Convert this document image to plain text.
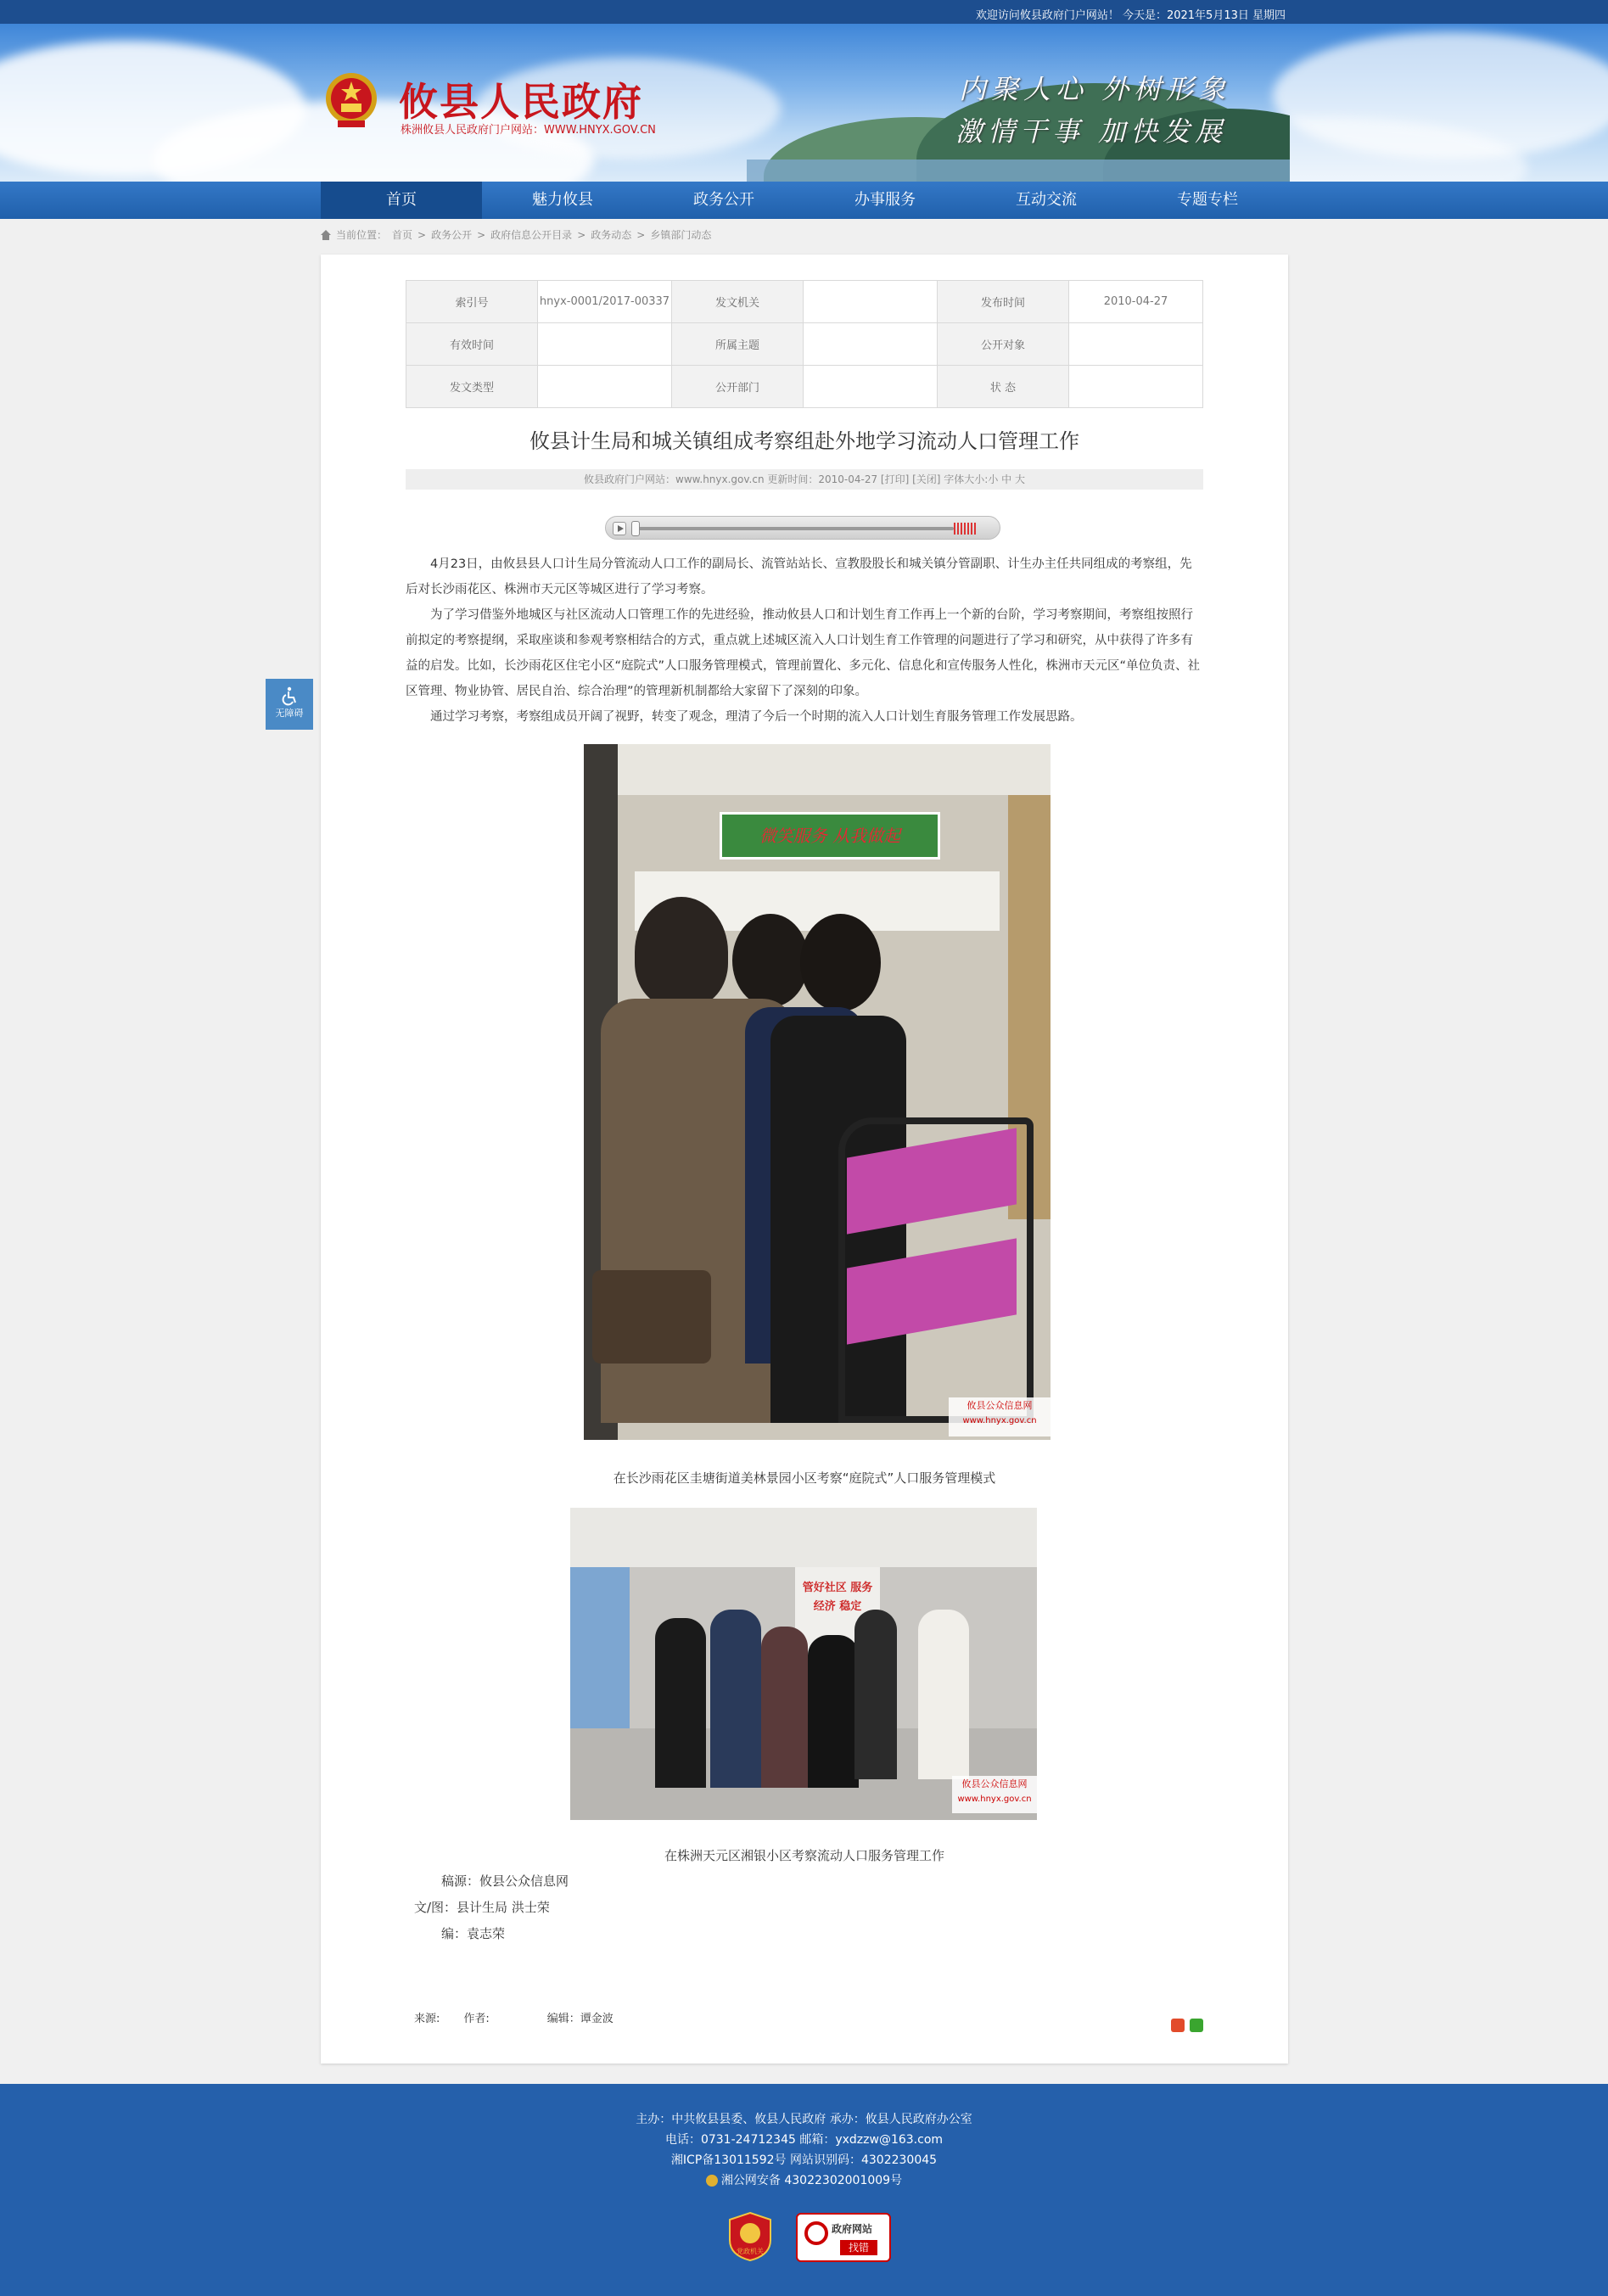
欢迎访问攸县政府门户网站！ 今天是：2021年5月13日 星期四
攸县人民政府
株洲攸县人民政府门户网站：WWW.HNYX.GOV.CN
内聚人心 外树形象
激情干事 加快发展
首页	魅力攸县	政务公开	办事服务	互动交流	专题专栏
当前位置： 首页 > 政务公开 > 政府信息公开目录 > 政务动态 > 乡镇部门动态
无障碍
索引号	hnyx-0001/2017-00337	发文机关		发布时间	2010-04-27
有效时间		所属主题		公开对象	
发文类型		公开部门		状 态	
攸县计生局和城关镇组成考察组赴外地学习流动人口管理工作
攸县政府门户网站：www.hnyx.gov.cn 更新时间：2010-04-27 [打印] [关闭] 字体大小:小 中 大

4月23日，由攸县县人口计生局分管流动人口工作的副局长、流管站站长、宣教股股长和城关镇分管副职、计生办主任共同组成的考察组，先后对长沙雨花区、株洲市天元区等城区进行了学习考察。

为了学习借鉴外地城区与社区流动人口管理工作的先进经验，推动攸县人口和计划生育工作再上一个新的台阶，学习考察期间，考察组按照行前拟定的考察提纲，采取座谈和参观考察相结合的方式，重点就上述城区流入人口计划生育工作管理的问题进行了学习和研究，从中获得了许多有益的启发。比如，长沙雨花区住宅小区“庭院式”人口服务管理模式，管理前置化、多元化、信息化和宣传服务人性化，株洲市天元区“单位负责、社区管理、物业协管、居民自治、综合治理”的管理新机制都给大家留下了深刻的印象。

通过学习考察，考察组成员开阔了视野，转变了观念，理清了今后一个时期的流入人口计划生育服务管理工作发展思路。

微笑服务 从我做起
攸县公众信息网
www.hnyx.gov.cn
在长沙雨花区圭塘街道美林景园小区考察“庭院式”人口服务管理模式
管好社区 服务经济 稳定
攸县公众信息网
www.hnyx.gov.cn
在株洲天元区湘银小区考察流动人口服务管理工作
稿源：攸县公众信息网
文/图：县计生局 洪士荣
编：袁志荣
来源: 作者:	编辑：谭金波
主办：中共攸县县委、攸县人民政府 承办：攸县人民政府办公室
电话：0731-24712345 邮箱：yxdzzw@163.com
湘ICP备13011592号 网站识别码：4302230045
湘公网安备 43022302001009号
党政机关
政府网站
找错
